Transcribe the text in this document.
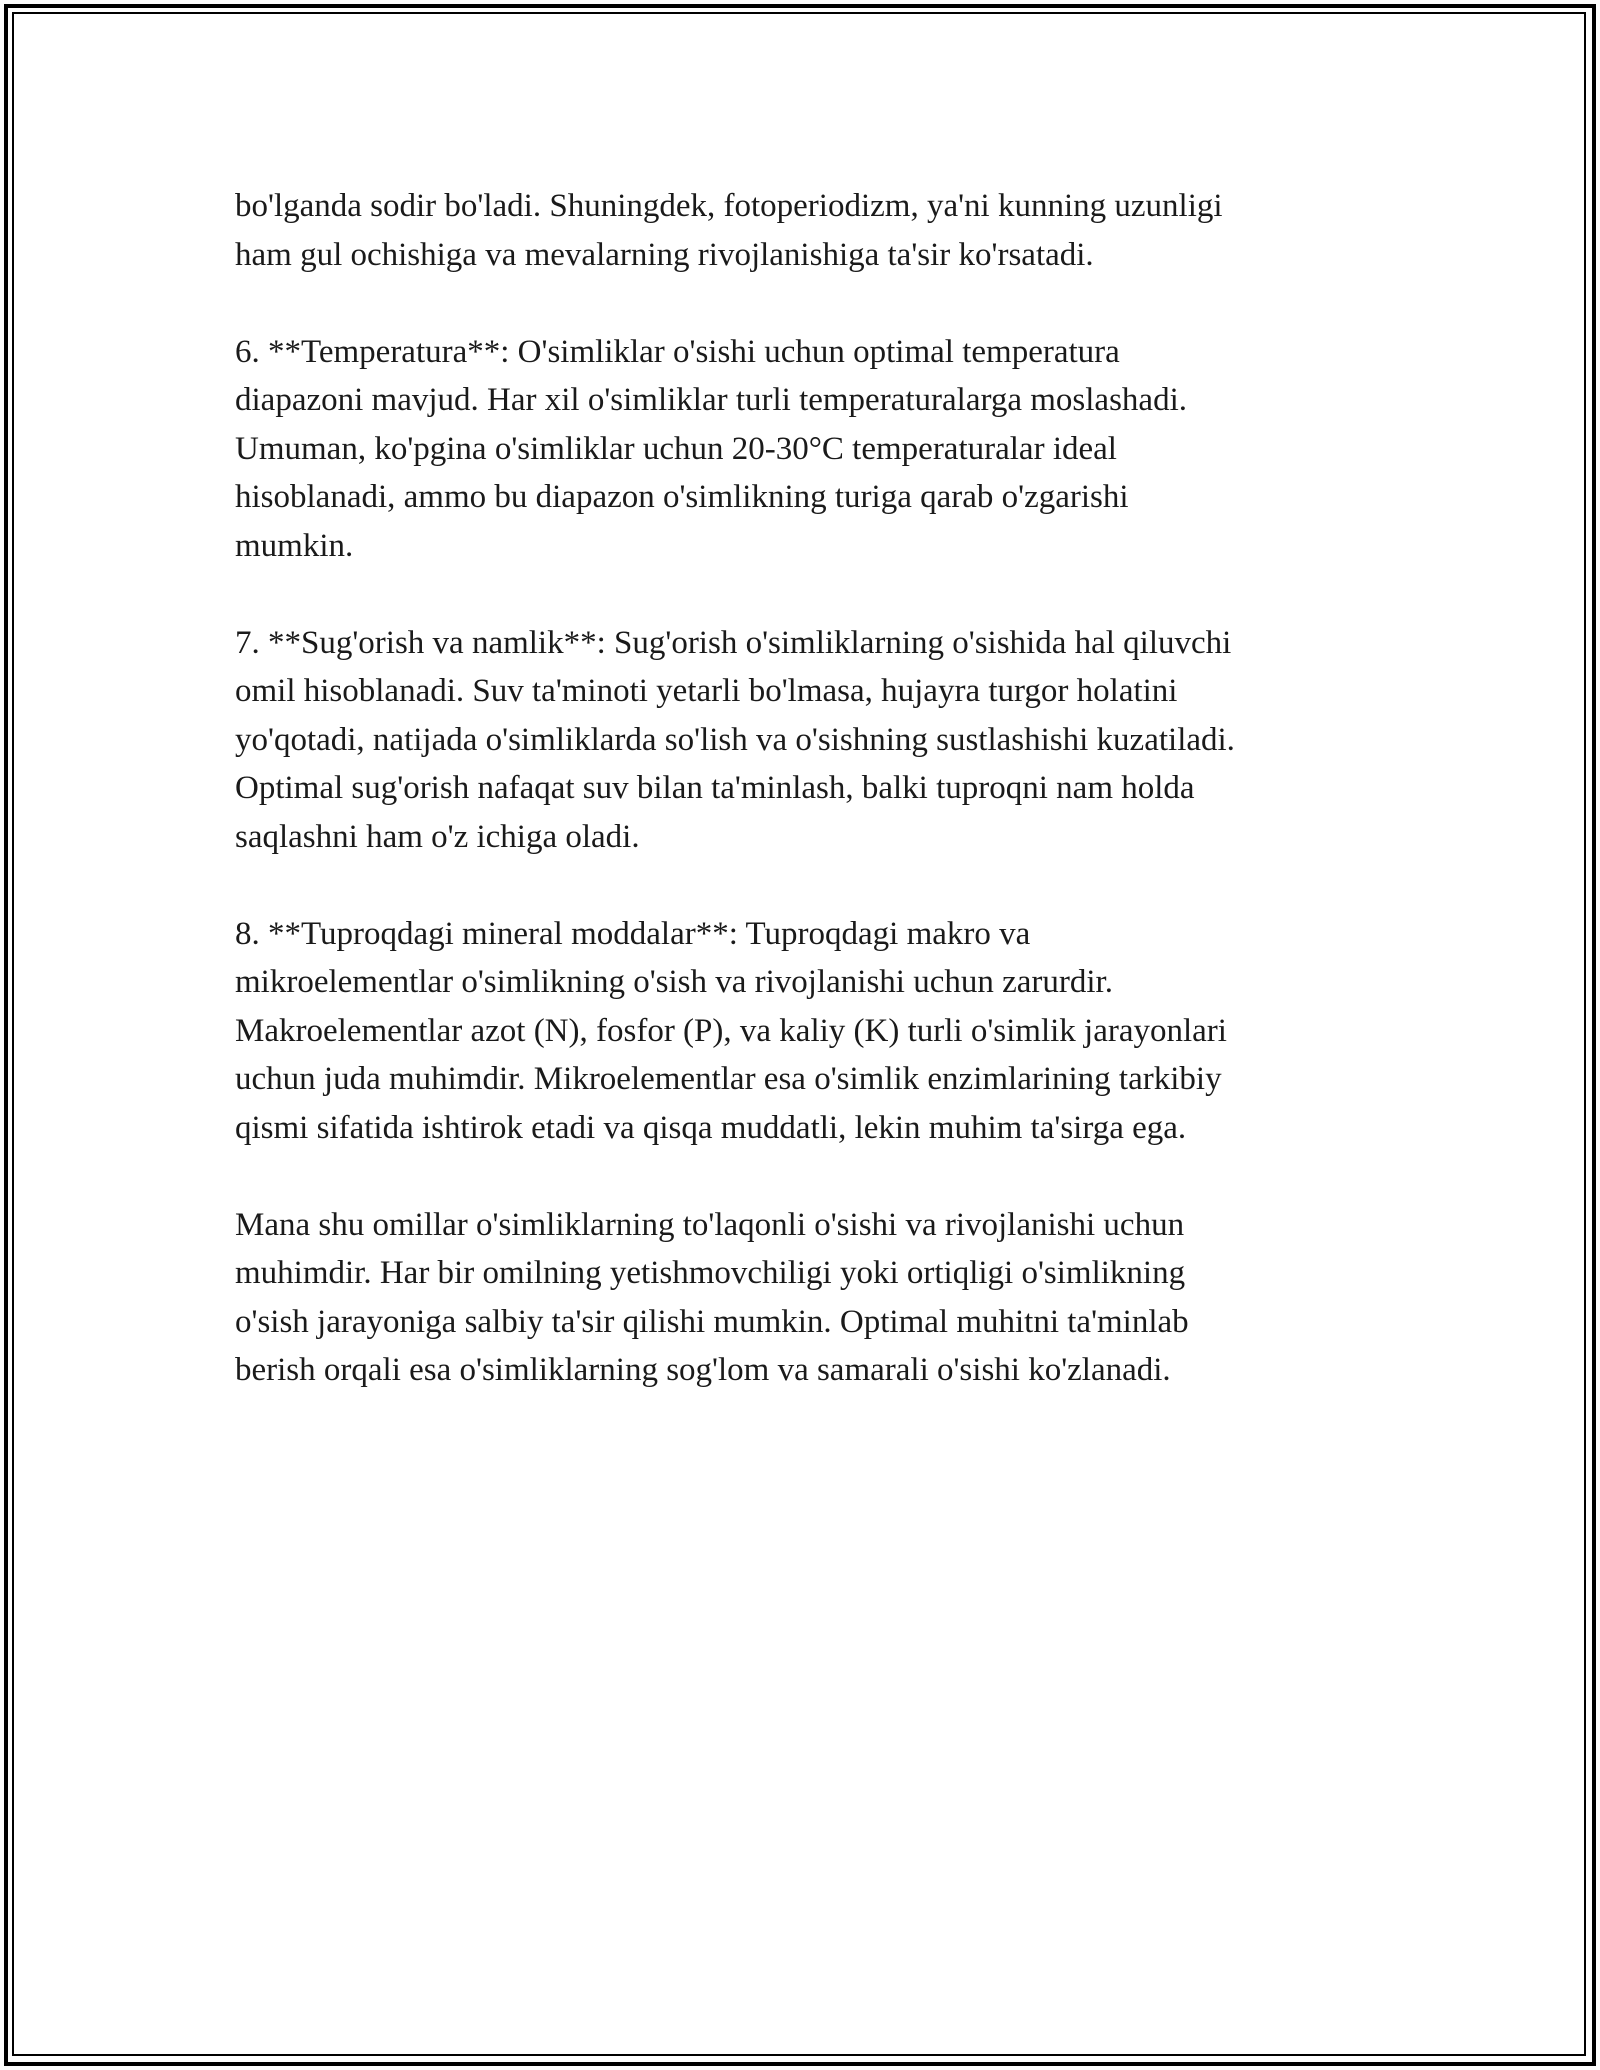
bo'lganda sodir bo'ladi. Shuningdek, fotoperiodizm, ya'ni kunning uzunligi
ham gul ochishiga va mevalarning rivojlanishiga ta'sir ko'rsatadi.

6. **Temperatura**: O'simliklar o'sishi uchun optimal temperatura
diapazoni mavjud. Har xil o'simliklar turli temperaturalarga moslashadi.
Umuman, ko'pgina o'simliklar uchun 20-30°C temperaturalar ideal
hisoblanadi, ammo bu diapazon o'simlikning turiga qarab o'zgarishi
mumkin.

7. **Sug'orish va namlik**: Sug'orish o'simliklarning o'sishida hal qiluvchi
omil hisoblanadi. Suv ta'minoti yetarli bo'lmasa, hujayra turgor holatini
yo'qotadi, natijada o'simliklarda so'lish va o'sishning sustlashishi kuzatiladi.
Optimal sug'orish nafaqat suv bilan ta'minlash, balki tuproqni nam holda
saqlashni ham o'z ichiga oladi.

8. **Tuproqdagi mineral moddalar**: Tuproqdagi makro va
mikroelementlar o'simlikning o'sish va rivojlanishi uchun zarurdir.
Makroelementlar azot (N), fosfor (P), va kaliy (K) turli o'simlik jarayonlari
uchun juda muhimdir. Mikroelementlar esa o'simlik enzimlarining tarkibiy
qismi sifatida ishtirok etadi va qisqa muddatli, lekin muhim ta'sirga ega.

Mana shu omillar o'simliklarning to'laqonli o'sishi va rivojlanishi uchun
muhimdir. Har bir omilning yetishmovchiligi yoki ortiqligi o'simlikning
o'sish jarayoniga salbiy ta'sir qilishi mumkin. Optimal muhitni ta'minlab
berish orqali esa o'simliklarning sog'lom va samarali o'sishi ko'zlanadi.
